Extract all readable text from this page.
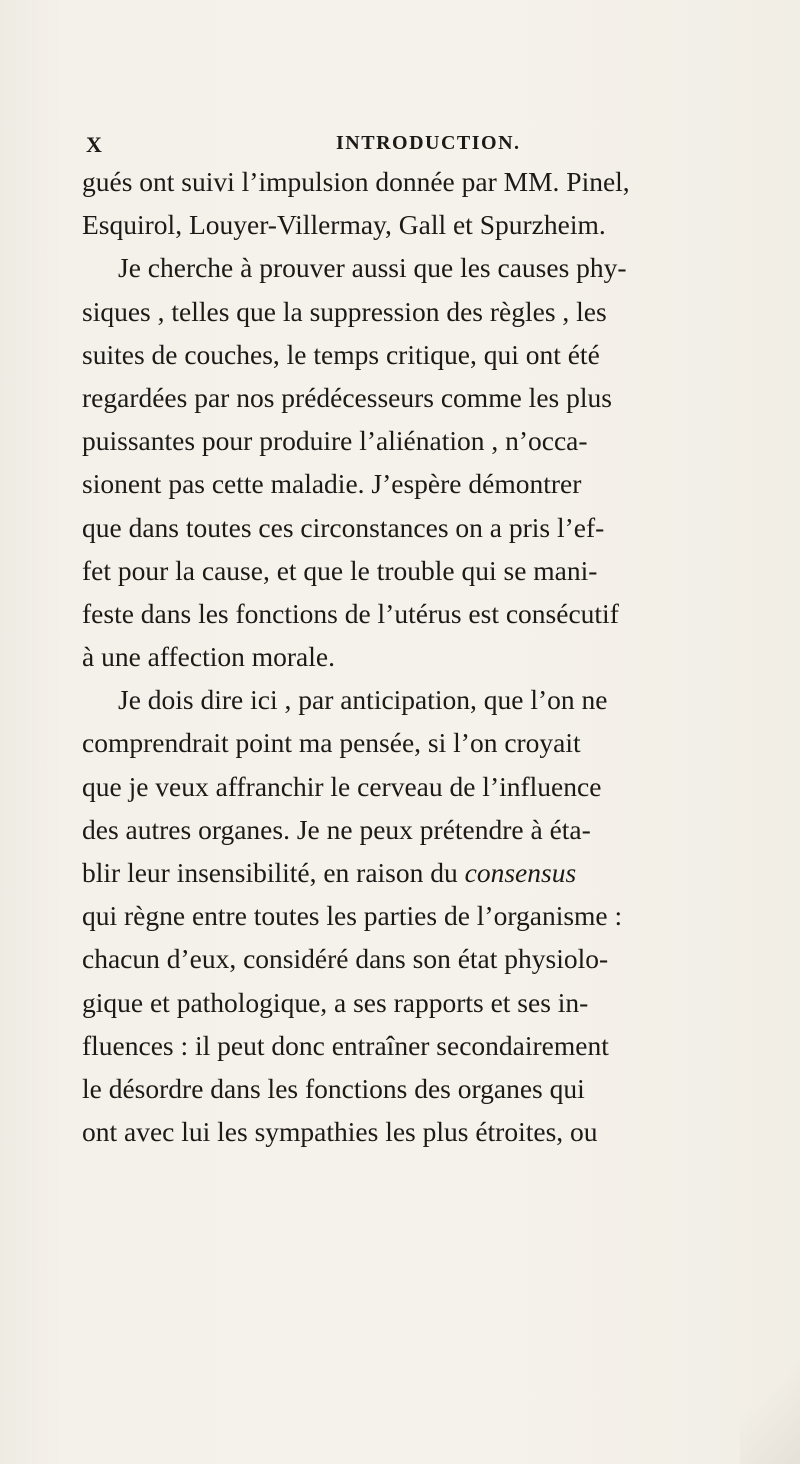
X	INTRODUCTION.
gués ont suivi l’impulsion donnée par MM. Pinel,
Esquirol, Louyer-Villermay, Gall et Spurzheim.
Je cherche à prouver aussi que les causes phy-
siques , telles que la suppression des règles , les
suites de couches, le temps critique, qui ont été
regardées par nos prédécesseurs comme les plus
puissantes pour produire l’aliénation , n’occa-
sionent pas cette maladie. J’espère démontrer
que dans toutes ces circonstances on a pris l’ef-
fet pour la cause, et que le trouble qui se mani-
feste dans les fonctions de l’utérus est consécutif
à une affection morale.
Je dois dire ici , par anticipation, que l’on ne
comprendrait point ma pensée, si l’on croyait
que je veux affranchir le cerveau de l’influence
des autres organes. Je ne peux prétendre à éta-
blir leur insensibilité, en raison du consensus
qui règne entre toutes les parties de l’organisme :
chacun d’eux, considéré dans son état physiolo-
gique et pathologique, a ses rapports et ses in-
fluences : il peut donc entraîner secondairement
le désordre dans les fonctions des organes qui
ont avec lui les sympathies les plus étroites, ou
